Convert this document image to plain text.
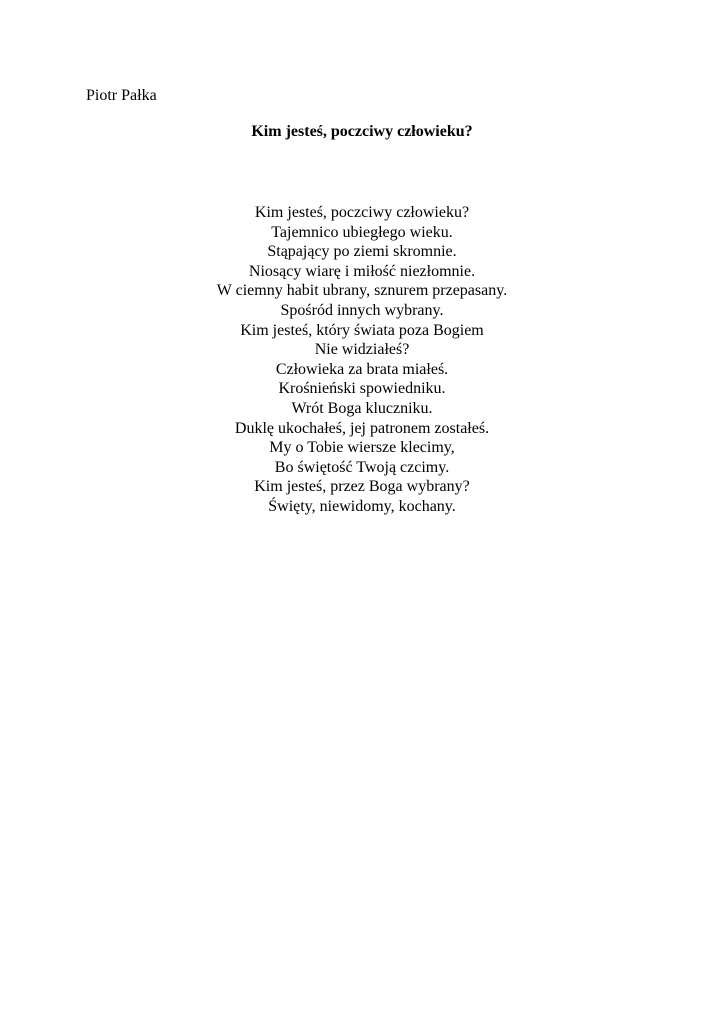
Piotr Pałka

Kim jesteś, poczciwy człowieku?
Kim jesteś, poczciwy człowieku?
Tajemnico ubiegłego wieku.
Stąpający po ziemi skromnie.
Niosący wiarę i miłość niezłomnie.
W ciemny habit ubrany, sznurem przepasany.
Spośród innych wybrany.
Kim jesteś, który świata poza Bogiem
Nie widziałeś?
Człowieka za brata miałeś.
Krośnieński spowiedniku.
Wrót Boga kluczniku.
Duklę ukochałeś, jej patronem zostałeś.
My o Tobie wiersze klecimy,
Bo świętość Twoją czcimy.
Kim jesteś, przez Boga wybrany?
Święty, niewidomy, kochany.
